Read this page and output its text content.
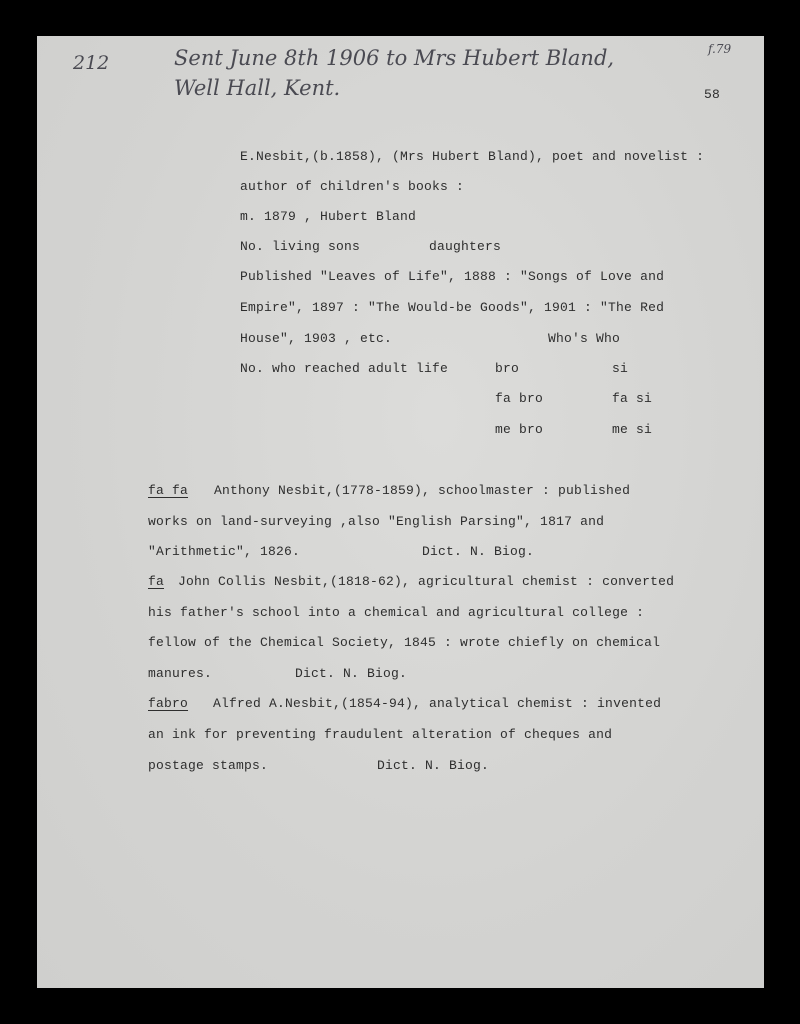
212	Sent June 8th 1906 to Mrs Hubert Bland,
Well Hall, Kent.
f.79
58
E.Nesbit,(b.1858), (Mrs Hubert Bland), poet and novelist :
author of children's books :
m. 1879 , Hubert Bland
No. living sons	daughters
Published "Leaves of Life", 1888 : "Songs of Love and
Empire", 1897 : "The Would-be Goods", 1901 : "The Red
House", 1903 , etc.	Who's Who
No. who reached adult life	bro	si
fa bro	fa si
me bro	me si
fa fa Anthony Nesbit,(1778-1859), schoolmaster : published
works on land-surveying ,also "English Parsing", 1817 and
"Arithmetic", 1826.	Dict. N. Biog.
fa John Collis Nesbit,(1818-62), agricultural chemist : converted
his father's school into a chemical and agricultural college :
fellow of the Chemical Society, 1845 : wrote chiefly on chemical
manures.	Dict. N. Biog.
fabro Alfred A.Nesbit,(1854-94), analytical chemist : invented
an ink for preventing fraudulent alteration of cheques and
postage stamps.	Dict. N. Biog.
